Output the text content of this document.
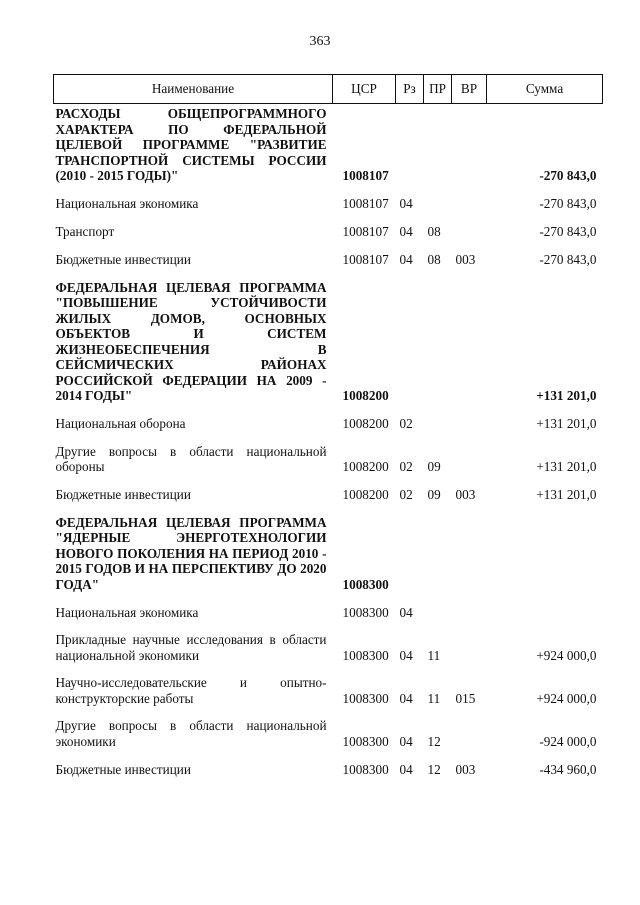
363
Наименование	ЦСР	Рз	ПР	ВР	Сумма

РАСХОДЫ ОБЩЕПРОГРАММНОГО ХАРАКТЕРА ПО ФЕДЕРАЛЬНОЙ ЦЕЛЕВОЙ ПРОГРАММЕ "РАЗВИТИЕ ТРАНСПОРТНОЙ СИСТЕМЫ РОССИИ (2010 - 2015 ГОДЫ)"	1008107				-270 843,0

Национальная экономика	1008107	04			-270 843,0

Транспорт	1008107	04	08		-270 843,0

Бюджетные инвестиции	1008107	04	08	003	-270 843,0

ФЕДЕРАЛЬНАЯ ЦЕЛЕВАЯ ПРОГРАММА "ПОВЫШЕНИЕ УСТОЙЧИВОСТИ ЖИЛЫХ ДОМОВ, ОСНОВНЫХ ОБЪЕКТОВ И СИСТЕМ ЖИЗНЕОБЕСПЕЧЕНИЯ В СЕЙСМИЧЕСКИХ РАЙОНАХ РОССИЙСКОЙ ФЕДЕРАЦИИ НА 2009 - 2014 ГОДЫ"	1008200				+131 201,0

Национальная оборона	1008200	02			+131 201,0

Другие вопросы в области национальной обороны	1008200	02	09		+131 201,0

Бюджетные инвестиции	1008200	02	09	003	+131 201,0

ФЕДЕРАЛЬНАЯ ЦЕЛЕВАЯ ПРОГРАММА "ЯДЕРНЫЕ ЭНЕРГОТЕХНОЛОГИИ НОВОГО ПОКОЛЕНИЯ НА ПЕРИОД 2010 - 2015 ГОДОВ И НА ПЕРСПЕКТИВУ ДО 2020 ГОДА"	1008300				

Национальная экономика	1008300	04			

Прикладные научные исследования в области национальной экономики	1008300	04	11		+924 000,0

Научно-исследовательские и опытно-конструкторские работы	1008300	04	11	015	+924 000,0

Другие вопросы в области национальной экономики	1008300	04	12		-924 000,0

Бюджетные инвестиции	1008300	04	12	003	-434 960,0
